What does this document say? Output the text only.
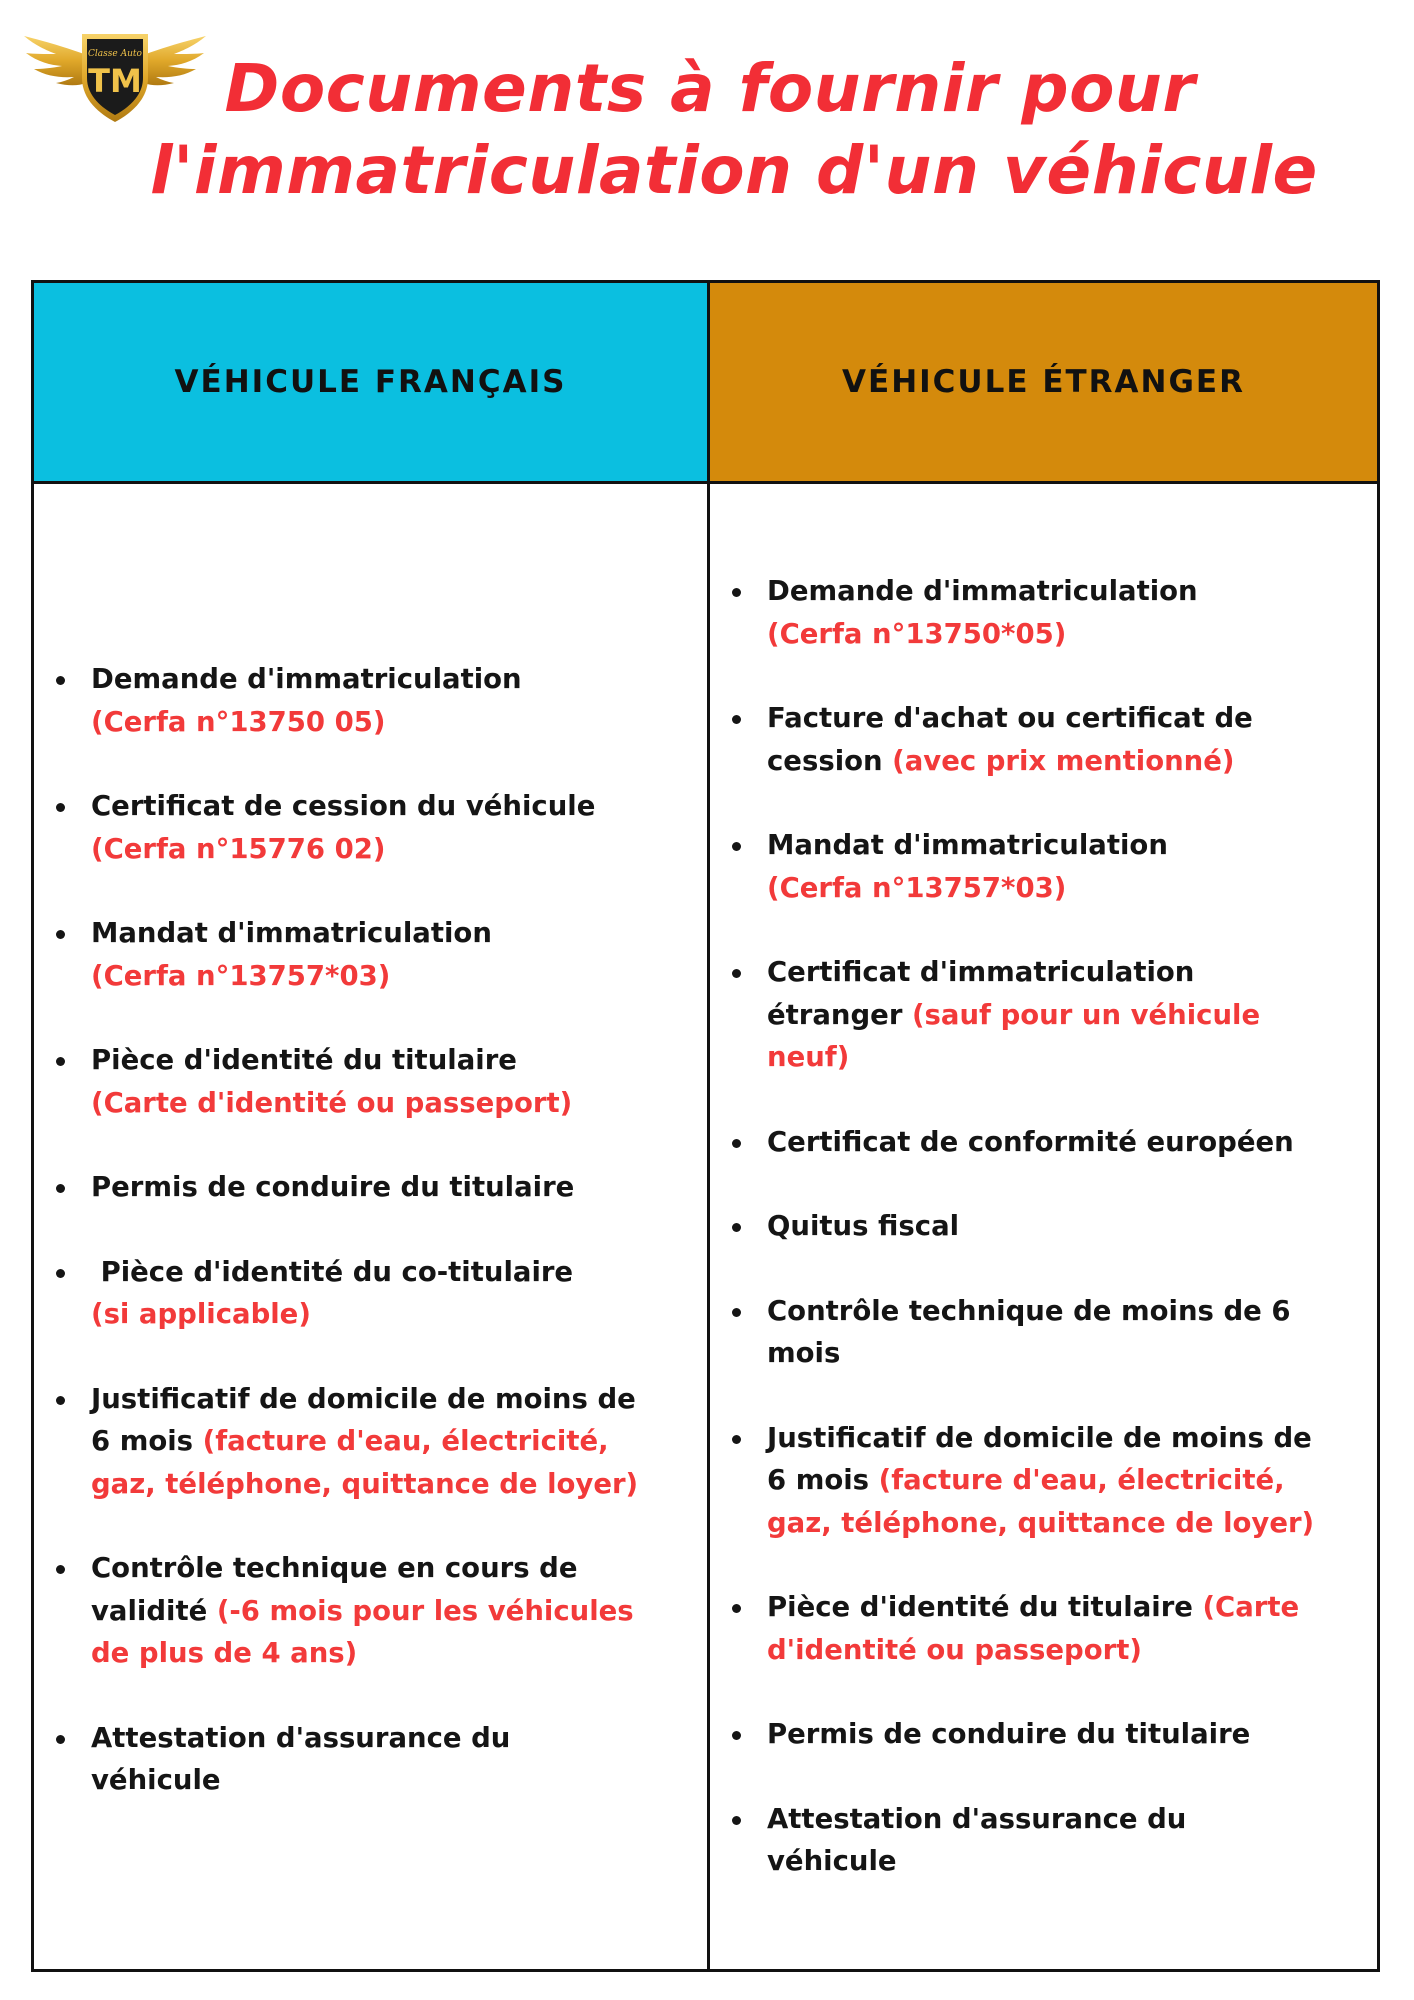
Classe Auto
TM	Documents à fournir pour
l'immatriculation d'un véhicule
VÉHICULE FRANÇAIS	VÉHICULE ÉTRANGER
Demande d'immatriculation
(Cerfa n°13750 05)
Certificat de cession du véhicule
(Cerfa n°15776 02)
Mandat d'immatriculation
(Cerfa n°13757*03)
Pièce d'identité du titulaire
(Carte d'identité ou passeport)
Permis de conduire du titulaire
Pièce d'identité du co-titulaire
(si applicable)
Justificatif de domicile de moins de
6 mois (facture d'eau, électricité,
gaz, téléphone, quittance de loyer)
Contrôle technique en cours de
validité (-6 mois pour les véhicules
de plus de 4 ans)
Attestation d'assurance du
véhicule
Demande d'immatriculation
(Cerfa n°13750*05)
Facture d'achat ou certificat de
cession (avec prix mentionné)
Mandat d'immatriculation
(Cerfa n°13757*03)
Certificat d'immatriculation
étranger (sauf pour un véhicule
neuf)
Certificat de conformité européen
Quitus fiscal
Contrôle technique de moins de 6
mois
Justificatif de domicile de moins de
6 mois (facture d'eau, électricité,
gaz, téléphone, quittance de loyer)
Pièce d'identité du titulaire (Carte
d'identité ou passeport)
Permis de conduire du titulaire
Attestation d'assurance du
véhicule
